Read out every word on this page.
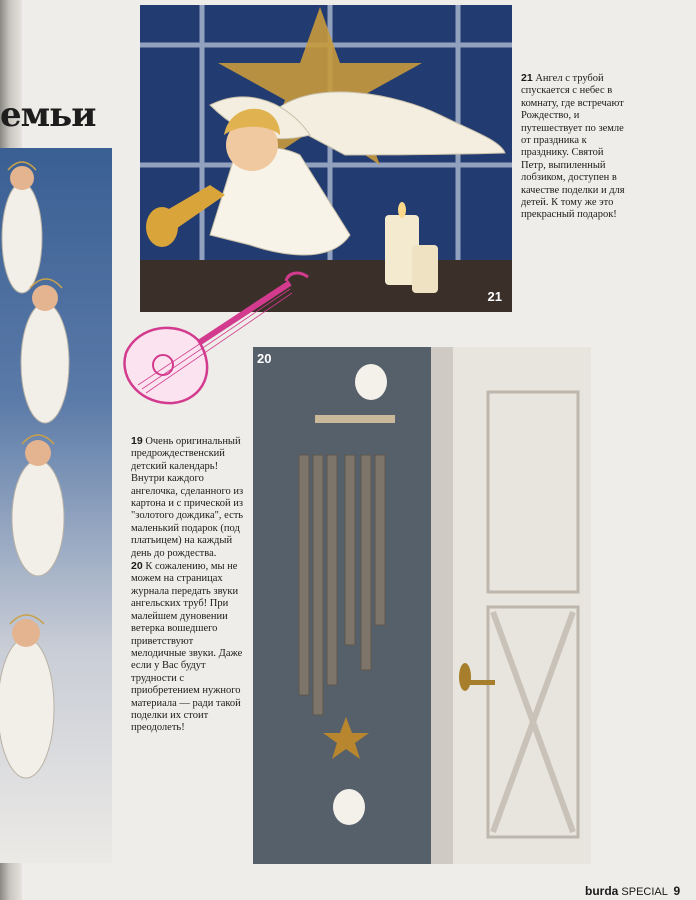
емьи
21
21 Ангел с трубой спускается с небес в комнату, где встречают Рождество, и путешествует по земле от праздника к празднику. Святой Петр, выпиленный лобзиком, доступен в качестве поделки и для детей. К тому же это прекрасный подарок!
19 Очень оригинальный предрождественский детский календарь! Внутри каждого ангелочка, сделанного из картона и с прической из "золотого дождика", есть маленький подарок (под платьицем) на каждый день до рождества.
20 К сожалению, мы не можем на страницах журнала передать звуки ангельских труб! При малейшем дуновении ветерка вошедшего приветствуют мелодичные звуки. Даже если у Вас будут трудности с приобретением нужного материала — ради такой поделки их стоит преодолеть!
20
burda SPECIAL 9
